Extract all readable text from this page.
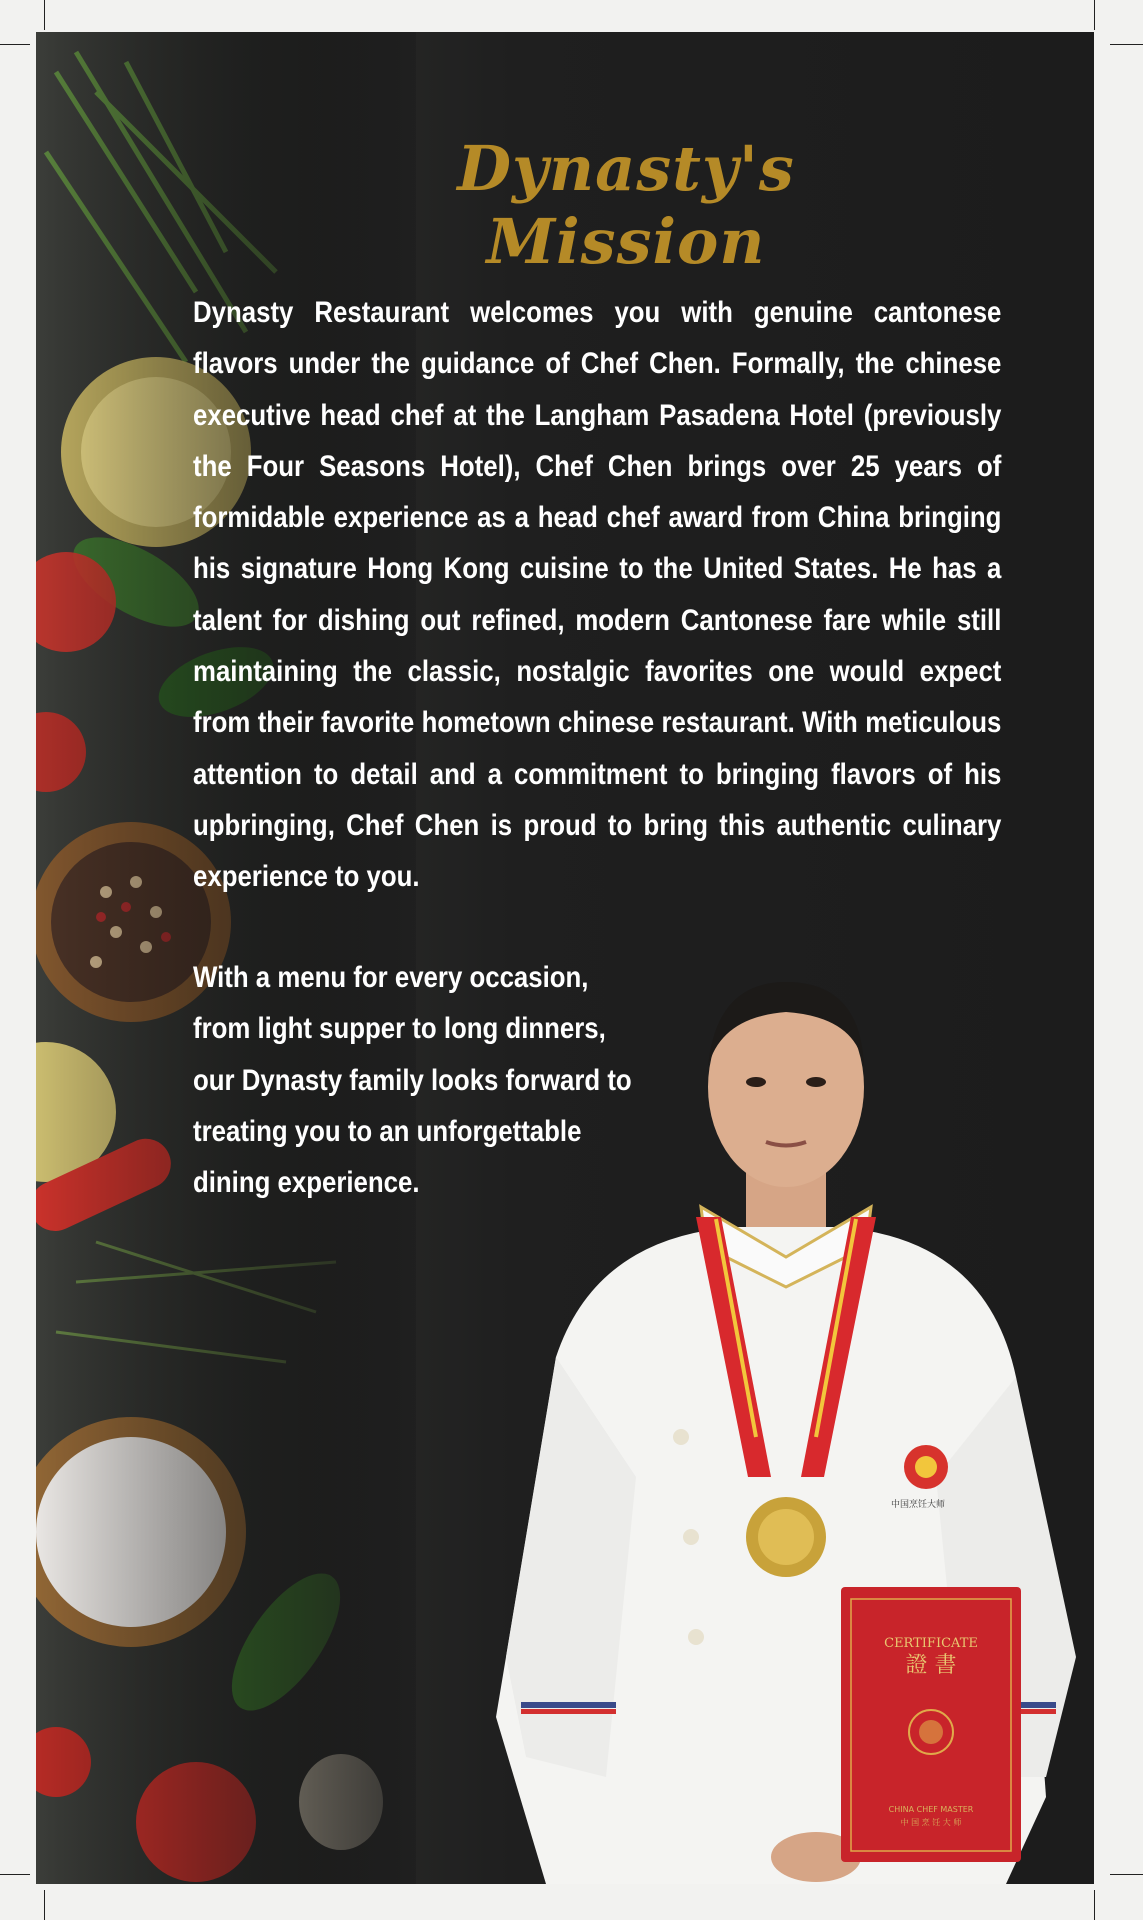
Dynasty's Mission

Dynasty Restaurant welcomes you with genuine cantonese flavors under the guidance of Chef Chen. Formally, the chinese executive head chef at the Langham Pasadena Hotel (previously the Four Seasons Hotel), Chef Chen brings over 25 years of formidable experience as a head chef award from China bringing his signature Hong Kong cuisine to the United States. He has a talent for dishing out refined, modern Cantonese fare while still maintaining the classic, nostalgic favorites one would expect from their favorite hometown chinese restaurant. With meticulous attention to detail and a commitment to bringing flavors of his upbringing, Chef Chen is proud to bring this authentic culinary experience to you.

With a menu for every occasion, from light supper to long dinners, our Dynasty family looks forward to treating you to an unforgettable dining experience.

中国烹饪大师
CERTIFICATE
證 書
CHINA CHEF MASTER
中 国 烹 饪 大 师
